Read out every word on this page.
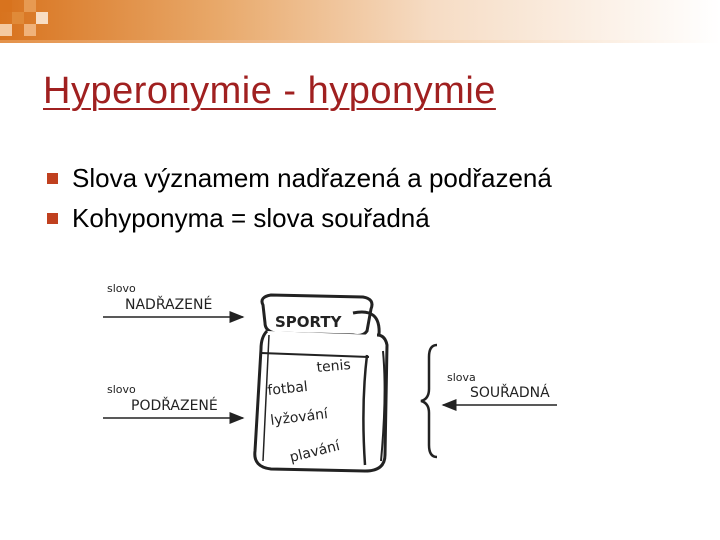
Hyperonymie - hyponymie
Slova významem nadřazená a podřazená
Kohyponyma = slova souřadná
slovo
NADŘAZENÉ
slovo
PODŘAZENÉ
SPORTY
tenis
fotbal
lyžování
plavání
slova
SOUŘADNÁ
